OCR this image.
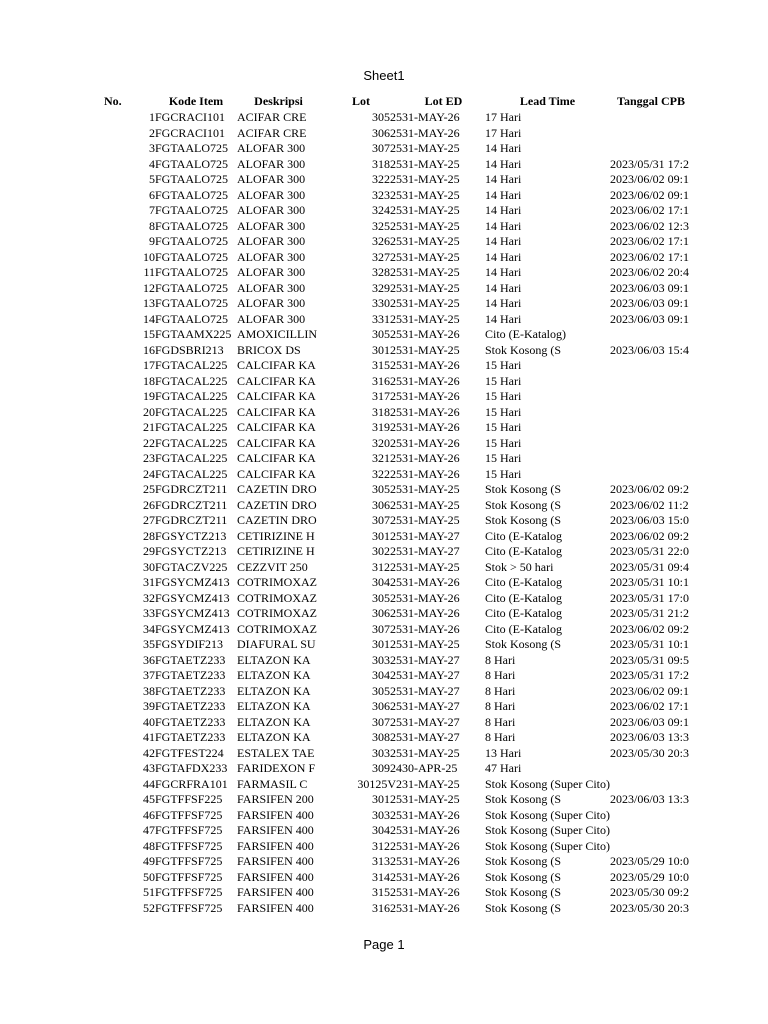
Sheet1
No.	Kode Item	Deskripsi	Lot	Lot ED	Lead Time	Tanggal CPB
1	FGCRACI101	ACIFAR CRE	30525	31-MAY-26	17 Hari	
2	FGCRACI101	ACIFAR CRE	30625	31-MAY-26	17 Hari	
3	FGTAALO725	ALOFAR 300	30725	31-MAY-25	14 Hari	
4	FGTAALO725	ALOFAR 300	31825	31-MAY-25	14 Hari	2023/05/31 17:2
5	FGTAALO725	ALOFAR 300	32225	31-MAY-25	14 Hari	2023/06/02 09:1
6	FGTAALO725	ALOFAR 300	32325	31-MAY-25	14 Hari	2023/06/02 09:1
7	FGTAALO725	ALOFAR 300	32425	31-MAY-25	14 Hari	2023/06/02 17:1
8	FGTAALO725	ALOFAR 300	32525	31-MAY-25	14 Hari	2023/06/02 12:3
9	FGTAALO725	ALOFAR 300	32625	31-MAY-25	14 Hari	2023/06/02 17:1
10	FGTAALO725	ALOFAR 300	32725	31-MAY-25	14 Hari	2023/06/02 17:1
11	FGTAALO725	ALOFAR 300	32825	31-MAY-25	14 Hari	2023/06/02 20:4
12	FGTAALO725	ALOFAR 300	32925	31-MAY-25	14 Hari	2023/06/03 09:1
13	FGTAALO725	ALOFAR 300	33025	31-MAY-25	14 Hari	2023/06/03 09:1
14	FGTAALO725	ALOFAR 300	33125	31-MAY-25	14 Hari	2023/06/03 09:1
15	FGTAAMX225	AMOXICILLIN	30525	31-MAY-26	Cito (E-Katalog)	
16	FGDSBRI213	BRICOX DS	30125	31-MAY-25	Stok Kosong (S	2023/06/03 15:4
17	FGTACAL225	CALCIFAR KA	31525	31-MAY-26	15 Hari	
18	FGTACAL225	CALCIFAR KA	31625	31-MAY-26	15 Hari	
19	FGTACAL225	CALCIFAR KA	31725	31-MAY-26	15 Hari	
20	FGTACAL225	CALCIFAR KA	31825	31-MAY-26	15 Hari	
21	FGTACAL225	CALCIFAR KA	31925	31-MAY-26	15 Hari	
22	FGTACAL225	CALCIFAR KA	32025	31-MAY-26	15 Hari	
23	FGTACAL225	CALCIFAR KA	32125	31-MAY-26	15 Hari	
24	FGTACAL225	CALCIFAR KA	32225	31-MAY-26	15 Hari	
25	FGDRCZT211	CAZETIN DRO	30525	31-MAY-25	Stok Kosong (S	2023/06/02 09:2
26	FGDRCZT211	CAZETIN DRO	30625	31-MAY-25	Stok Kosong (S	2023/06/02 11:2
27	FGDRCZT211	CAZETIN DRO	30725	31-MAY-25	Stok Kosong (S	2023/06/03 15:0
28	FGSYCTZ213	CETIRIZINE H	30125	31-MAY-27	Cito (E-Katalog	2023/06/02 09:2
29	FGSYCTZ213	CETIRIZINE H	30225	31-MAY-27	Cito (E-Katalog	2023/05/31 22:0
30	FGTACZV225	CEZZVIT 250	31225	31-MAY-25	Stok > 50 hari	2023/05/31 09:4
31	FGSYCMZ413	COTRIMOXAZ	30425	31-MAY-26	Cito (E-Katalog	2023/05/31 10:1
32	FGSYCMZ413	COTRIMOXAZ	30525	31-MAY-26	Cito (E-Katalog	2023/05/31 17:0
33	FGSYCMZ413	COTRIMOXAZ	30625	31-MAY-26	Cito (E-Katalog	2023/05/31 21:2
34	FGSYCMZ413	COTRIMOXAZ	30725	31-MAY-26	Cito (E-Katalog	2023/06/02 09:2
35	FGSYDIF213	DIAFURAL SU	30125	31-MAY-25	Stok Kosong (S	2023/05/31 10:1
36	FGTAETZ233	ELTAZON KA	30325	31-MAY-27	8 Hari	2023/05/31 09:5
37	FGTAETZ233	ELTAZON KA	30425	31-MAY-27	8 Hari	2023/05/31 17:2
38	FGTAETZ233	ELTAZON KA	30525	31-MAY-27	8 Hari	2023/06/02 09:1
39	FGTAETZ233	ELTAZON KA	30625	31-MAY-27	8 Hari	2023/06/02 17:1
40	FGTAETZ233	ELTAZON KA	30725	31-MAY-27	8 Hari	2023/06/03 09:1
41	FGTAETZ233	ELTAZON KA	30825	31-MAY-27	8 Hari	2023/06/03 13:3
42	FGTFEST224	ESTALEX TAE	30325	31-MAY-25	13 Hari	2023/05/30 20:3
43	FGTAFDX233	FARIDEXON F	30924	30-APR-25	47 Hari	
44	FGCRFRA101	FARMASIL C	30125V2	31-MAY-25	Stok Kosong (Super Cito)	
45	FGTFFSF225	FARSIFEN 200	30125	31-MAY-25	Stok Kosong (S	2023/06/03 13:3
46	FGTFFSF725	FARSIFEN 400	30325	31-MAY-26	Stok Kosong (Super Cito)	
47	FGTFFSF725	FARSIFEN 400	30425	31-MAY-26	Stok Kosong (Super Cito)	
48	FGTFFSF725	FARSIFEN 400	31225	31-MAY-26	Stok Kosong (Super Cito)	
49	FGTFFSF725	FARSIFEN 400	31325	31-MAY-26	Stok Kosong (S	2023/05/29 10:0
50	FGTFFSF725	FARSIFEN 400	31425	31-MAY-26	Stok Kosong (S	2023/05/29 10:0
51	FGTFFSF725	FARSIFEN 400	31525	31-MAY-26	Stok Kosong (S	2023/05/30 09:2
52	FGTFFSF725	FARSIFEN 400	31625	31-MAY-26	Stok Kosong (S	2023/05/30 20:3
Page 1
